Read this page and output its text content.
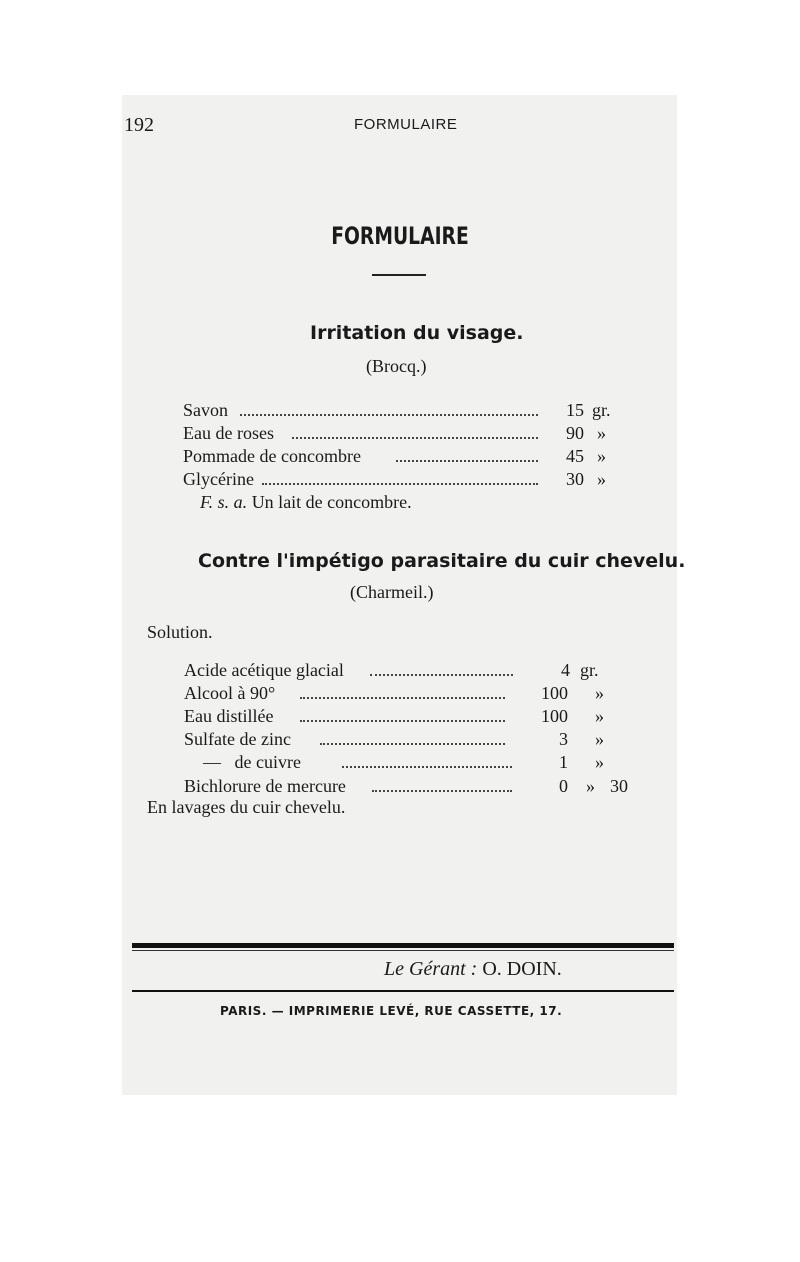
192	FORMULAIRE
FORMULAIRE
Irritation du visage.
(Brocq.)
Savon	15 gr.
Eau de roses	90 »
Pommade de concombre	45 »
Glycérine	30 »
F. s. a. Un lait de concombre.
Contre l'impétigo parasitaire du cuir chevelu.
(Charmeil.)
Solution.
Acide acétique glacial	4 gr.
Alcool à 90°	100 »
Eau distillée	100 »
Sulfate de zinc	3 »
—   de cuivre	1 »
Bichlorure de mercure	0 » 30
En lavages du cuir chevelu.
Le Gérant : O. DOIN.
PARIS. — IMPRIMERIE LEVÉ, RUE CASSETTE, 17.
